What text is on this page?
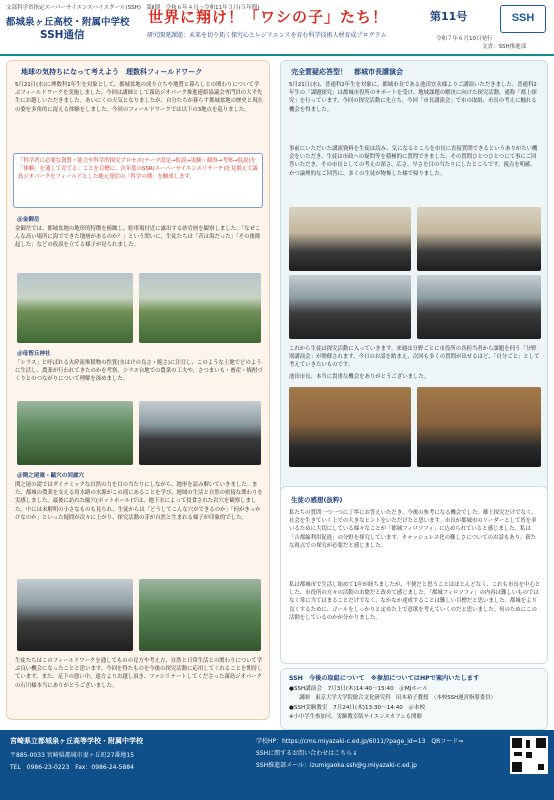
文部科学省指定スーパーサイエンスハイスクール(SSH)　第Ⅱ期　令和６年４月～令和11年３月(５年間)
都城泉ヶ丘高校・附属中学校
SSH通信
世界に翔け！「ワシの子」たち！
研究開発課題：未来を切り拓く探究心とレジリエンスを育む科学技術人材育成プログラム
第11号	SSH
令和７年６月10日発行
文責：SSH推進部
地球の気持ちになって考えよう　理数科フィールドワーク
5月21日(水)に理数科1年生を対象として、都城盆地の成り立ちや地質と暮らしとの関わりについて学ぶフィールドワークを実施しました。今回は講師として霧島ジオパーク推進連絡協議会専門員の大平先生にお越しいただきました。あいにくの天気となりましたが、自分たちが暮らす都城盆地の歴史と現在の姿を多角的に捉える体験をしました。今回のフィールドワークでは以下の3地点を巡りました。
「科学者に必要な資質・能力や科学的探究プロセス(テーマ設定→仮説→実験・観察→考察→仮説)を「体験」を通して育てる」ことを目標に、次年度のSSR(スーパーサイエンスリサーチ)を見据えて霧島ジオパークをフィールドとした地元発信の「科学の種」を醸成します。
＠金御岳
金御岳では、都城盆地の地形的特徴を俯瞰し、駐車場付近に露出する砂岩層を観察しました。「なぜこんな高い場所に海でできた地層があるのか？」という問いに、生徒たちは「昔は海だった」「その後隆起した」などの仮説を立てる様子が見られました。
＠母智丘神社
「シラス」と呼ばれる火砕流堆積物の性質(水はけの良さ・脆さ)に注目し、このような土地でどのように生活し、農業が行われてきたのかを考察。シラス台地での農業の工夫や、さつまいも・畜産・焼酎づくりとのつながりについて理解を深めました。
＠関之尾滝・甌穴の回廊穴
関之尾の滝ではダイナミックな自然の力を目の当たりにしながら、地形を読み解いていきました。また、都城の農業を支える用水路の水源がこの滝にあることを学び、地域の生活と自然の密接な関わりを実感しました。最後に訪れた甌穴(ポットホール)では、地下水によって侵食された岩穴を観察しました。中には未解明の小さなものも見られ、生徒からは「どうしてこんな穴ができるのか」「何がきっかけなのか」といった疑問が次々に上がり、探究活動の芽が自然と生まれる様子が印象的でした。
生徒たちはこのフィールドワークを通してものの見方や考え方、自然と日常生活との関わりについて学ぶ良い機会になったことと思います。今回を得たものを今後の探究活動に応用してくれることを期待しています。また、足下の悪い中、遠方よりお越し頂き、ファシリテートしてくださった霧島ジオパークの石川様本当にありがとうございました。
完全質疑応答型！　都城市長講演会
5月21日(水)、普通科2年生を対象に、都城市長である池田宜永様よりご講演いただきました。普通科2年生の「課題探究」は都城市役所のサポートを受け、地域課題の解決に向けた探究活動。通称「都上探究」を行っています。今回の探究活動に先立ち、今回「市長講演会」で市の取組、市長の考えに触れる機会を得ました。
事前にいただいた講演資料を生徒は読み、気になるところを市長に直接質問できるというありがたい機会をいただき、生徒は市政への疑問等を積極的に質問できました。その質問ひとつひとつにて事にご回答いただき、その市長としての考えの深さ、広さ、早さを目の当たりにしたところです。視点を明確、かつ論理的なご回答に、多くの生徒が物怖した様で帰りました。
これから生徒は探究活動に入っていきます。来週は分野ごとに市役所の各担当者から課題を伺う「分野別講演会」が開催されます。今日のお話を踏まえ、次回も多くの質問が出せるほど、「自分ごと」として考えていきたいものです。
池田市長、本当に貴重な機会をありがとうございました。
生徒の感想(抜粋)
私たちの質問一つ一つに丁寧にお答えいただき、今後の参考になる機会でした。郷土探究だけでなく、社会を生きていく上での大きなヒントをいただけたと思います。市長が都城市のリーダーとして皆を率いるために大切にしている様々なことが「都城フィロソフィ」に込められていると感じました。私は「吉都線利用促進」の分野を探究しています。キャッシュレス化の難しさについてのお話もあり、新たな視点での探究が必要だと感じました。
私は都城市で生活し始めて1年が経ちましたが、不便だと思うことはほとんどなく、これも市長を中心とした、市役所の方々の活動のお陰だと改めて感じました。「都城フィロソフィ」の内容は難しいものではなく常に当てはまることだけでなく、なかなか達成することは難しい目標だと思いました。都城をより良くするために、ゴールをしっかりと定めた上で意欲を考えていくのだと思いました。何のためにこの活動をしているのかが分かりました。
SSH　今後の取組について　※参加についてはHPで案内いたします
●SSH講演会　7月3日(木)14:40～15:40　＠MJホール
講師　東京大学大学院総合文化研究科　田本裕子教授　（本校SSH運営指導委員）
●SSH実験教室　7月24日(木)13:30～14:40　＠本校
※小中学生参加可。実験教室版サイエンスカフェも開催
宮崎県立都城泉ヶ丘高等学校・附属中学校
〒885-0033 宮崎県都城市妻ヶ丘町27番地15
TEL　0986-23-0223　Fax：0986-24-5884
学校HP：https://cms.miyazaki-c.ed.jp/6011/?page_id=13　QRコード⇒
SSHに関するお問い合わせはこちら⇓
SSH推進部メール：izumigaoka.ssh@g.miyazaki-c.ed.jp
